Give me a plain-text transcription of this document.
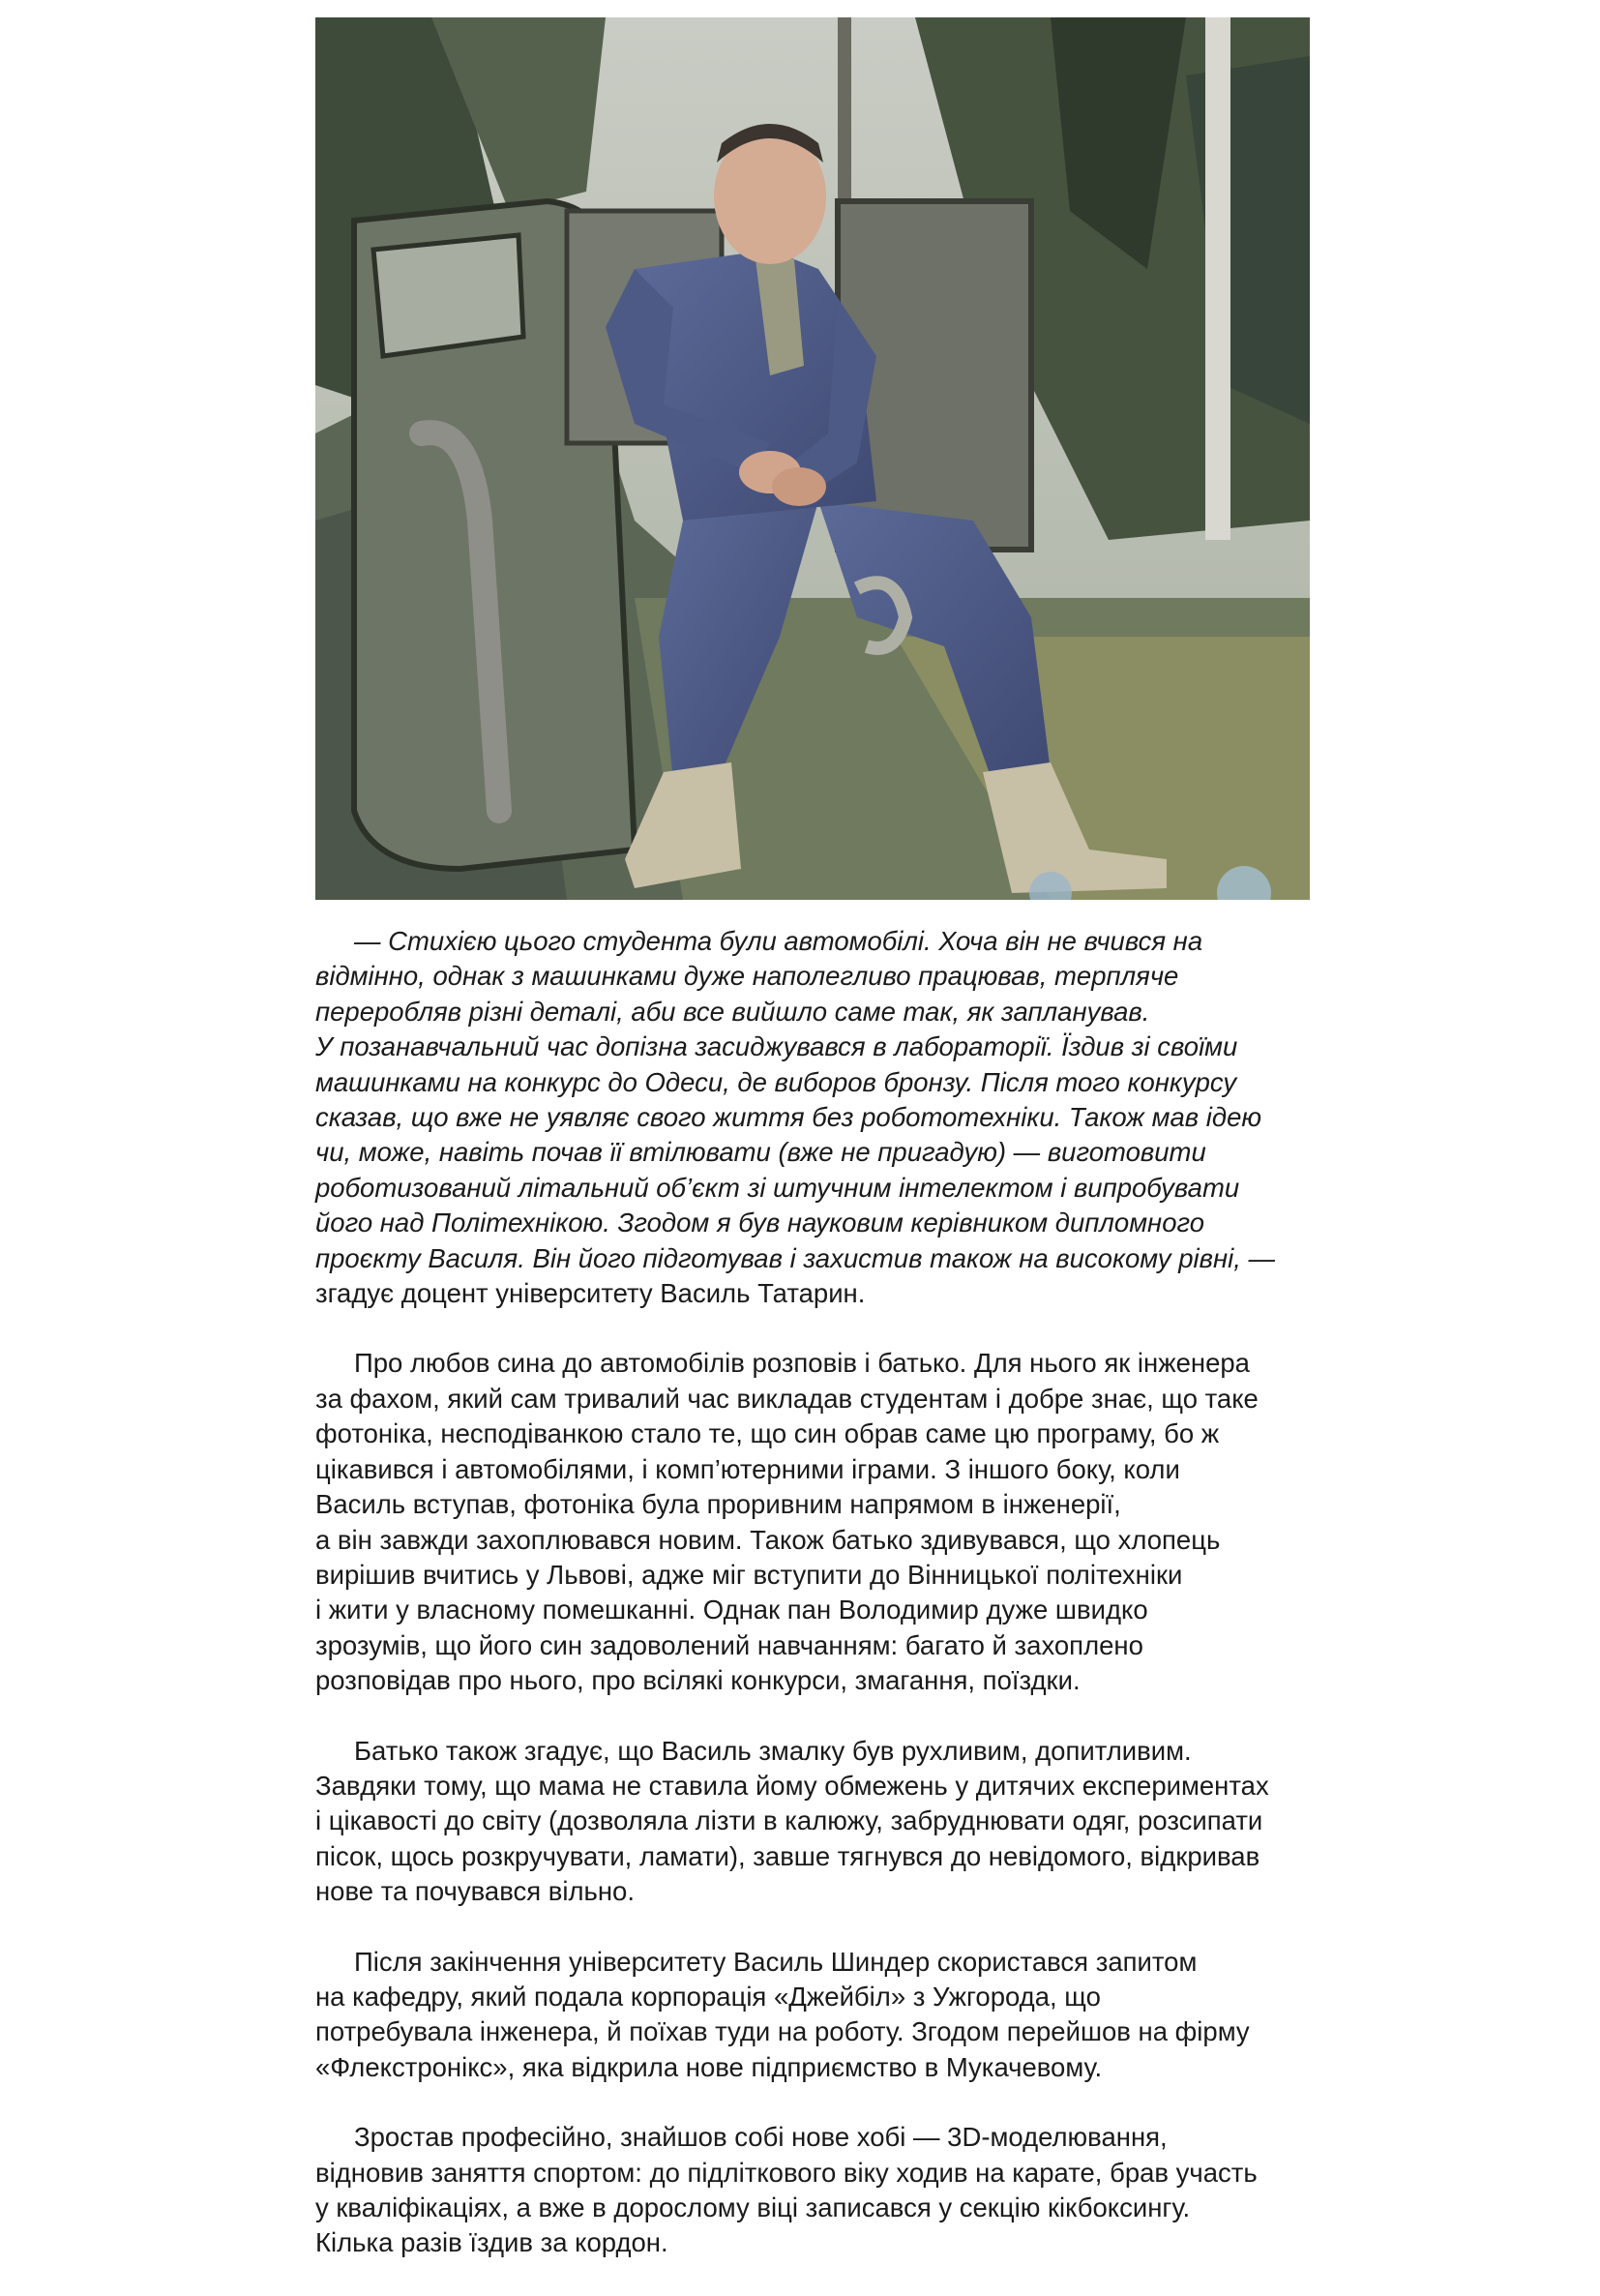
— Стихією цього студента були автомобілі. Хоча він не вчився на
відмінно, однак з машинками дуже наполегливо працював, терпляче
переробляв різні деталі, аби все вийшло саме так, як запланував.
У позанавчальний час допізна засиджувався в лабораторії. Їздив зі своїми
машинками на конкурс до Одеси, де виборов бронзу. Після того конкурсу
сказав, що вже не уявляє свого життя без робототехніки. Також мав ідею
чи, може, навіть почав її втілювати (вже не пригадую) — виготовити
роботизований літальний об’єкт зі штучним інтелектом і випробувати
його над Політехнікою. Згодом я був науковим керівником дипломного
проєкту Василя. Він його підготував і захистив також на високому рівні, —
згадує доцент університету Василь Татарин.
Про любов сина до автомобілів розповів і батько. Для нього як інженера
за фахом, який сам тривалий час викладав студентам і добре знає, що таке
фотоніка, несподіванкою стало те, що син обрав саме цю програму, бо ж
цікавився і автомобілями, і комп’ютерними іграми. З іншого боку, коли
Василь вступав, фотоніка була проривним напрямом в інженерії,
а він завжди захоплювався новим. Також батько здивувався, що хлопець
вирішив вчитись у Львові, адже міг вступити до Вінницької політехніки
і жити у власному помешканні. Однак пан Володимир дуже швидко
зрозумів, що його син задоволений навчанням: багато й захоплено
розповідав про нього, про всілякі конкурси, змагання, поїздки.
Батько також згадує, що Василь змалку був рухливим, допитливим.
Завдяки тому, що мама не ставила йому обмежень у дитячих експериментах
і цікавості до світу (дозволяла лізти в калюжу, забруднювати одяг, розсипати
пісок, щось розкручувати, ламати), завше тягнувся до невідомого, відкривав
нове та почувався вільно.
Після закінчення університету Василь Шиндер скористався запитом
на кафедру, який подала корпорація «Джейбіл» з Ужгорода, що
потребувала інженера, й поїхав туди на роботу. Згодом перейшов на фірму
«Флекстронікс», яка відкрила нове підприємство в Мукачевому.
Зростав професійно, знайшов собі нове хобі — 3D-моделювання,
відновив заняття спортом: до підліткового віку ходив на карате, брав участь
у кваліфікаціях, а вже в дорослому віці записався у секцію кікбоксингу.
Кілька разів їздив за кордон.
